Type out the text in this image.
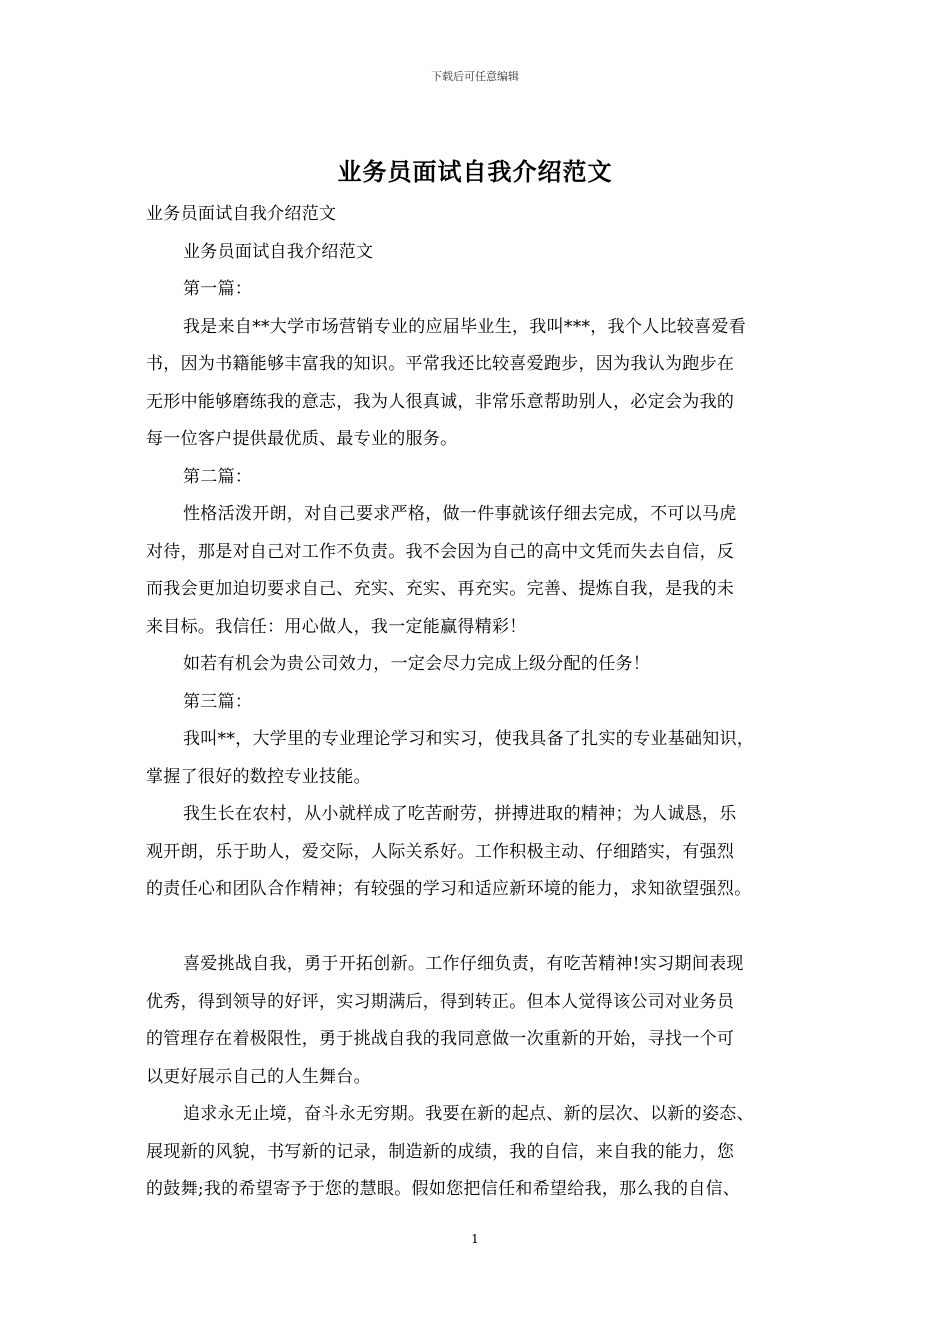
下载后可任意编辑
业务员面试自我介绍范文
业务员面试自我介绍范文
业务员面试自我介绍范文
第一篇：
我是来自**大学市场营销专业的应届毕业生，我叫***，我个人比较喜爱看
书，因为书籍能够丰富我的知识。平常我还比较喜爱跑步，因为我认为跑步在
无形中能够磨练我的意志，我为人很真诚，非常乐意帮助别人，必定会为我的
每一位客户提供最优质、最专业的服务。
第二篇：
性格活泼开朗，对自己要求严格，做一件事就该仔细去完成，不可以马虎
对待，那是对自己对工作不负责。我不会因为自己的高中文凭而失去自信，反
而我会更加迫切要求自己、充实、充实、再充实。完善、提炼自我，是我的未
来目标。我信任：用心做人，我一定能赢得精彩！
如若有机会为贵公司效力，一定会尽力完成上级分配的任务！
第三篇：
我叫**，大学里的专业理论学习和实习，使我具备了扎实的专业基础知识，
掌握了很好的数控专业技能。
我生长在农村，从小就样成了吃苦耐劳，拼搏进取的精神；为人诚恳，乐
观开朗，乐于助人，爱交际，人际关系好。工作积极主动、仔细踏实，有强烈
的责任心和团队合作精神；有较强的学习和适应新环境的能力，求知欲望强烈。
喜爱挑战自我，勇于开拓创新。工作仔细负责，有吃苦精神!实习期间表现
优秀，得到领导的好评，实习期满后，得到转正。但本人觉得该公司对业务员
的管理存在着极限性，勇于挑战自我的我同意做一次重新的开始，寻找一个可
以更好展示自己的人生舞台。
追求永无止境，奋斗永无穷期。我要在新的起点、新的层次、以新的姿态、
展现新的风貌，书写新的记录，制造新的成绩，我的自信，来自我的能力，您
的鼓舞;我的希望寄予于您的慧眼。假如您把信任和希望给我，那么我的自信、
1
